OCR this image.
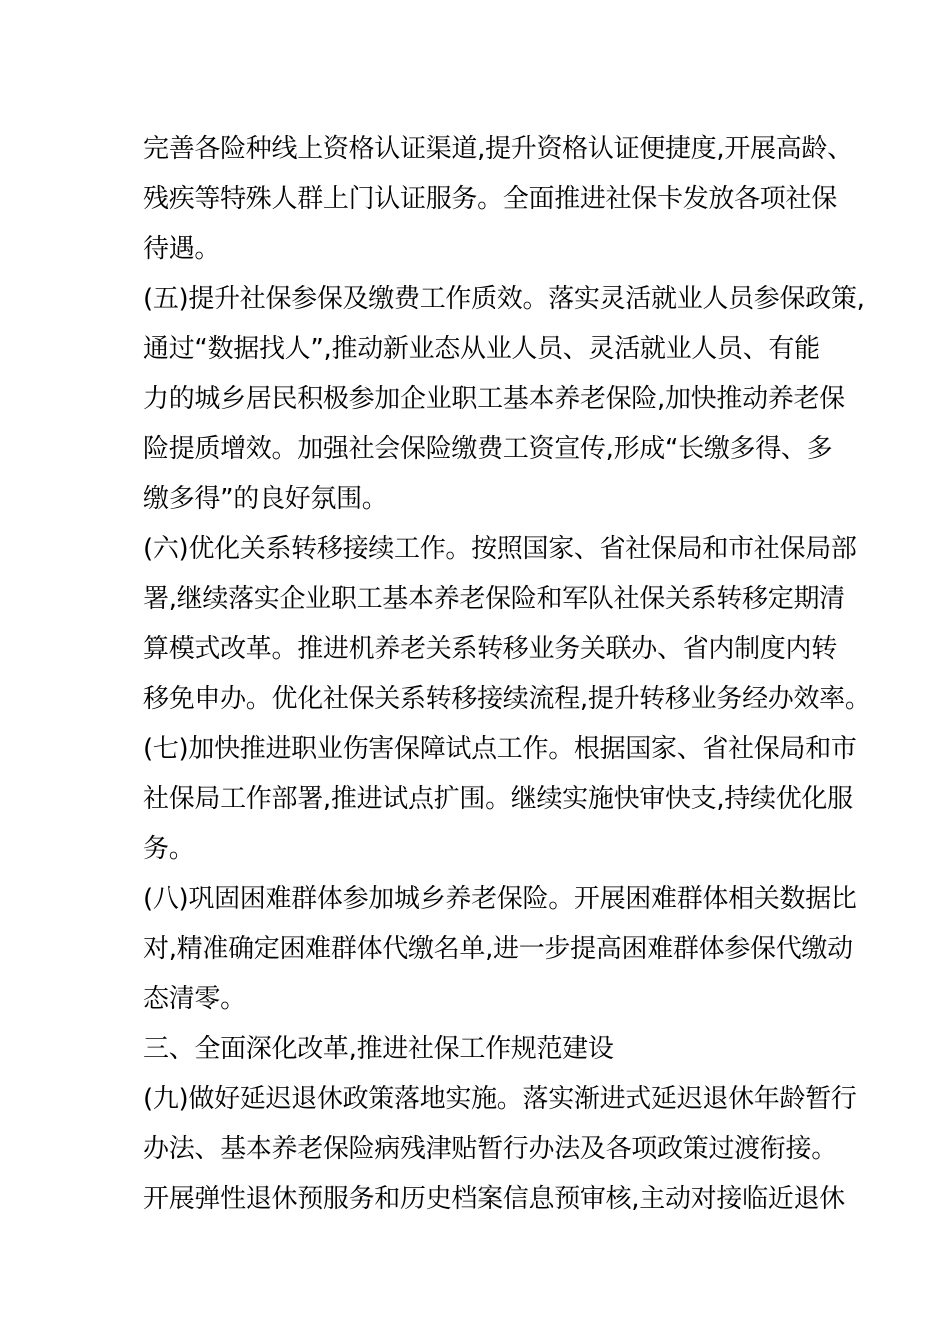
完善各险种线上资格认证渠道,提升资格认证便捷度,开展高龄、
残疾等特殊人群上门认证服务。全面推进社保卡发放各项社保
待遇。
(五)提升社保参保及缴费工作质效。落实灵活就业人员参保政策,
通过“数据找人”,推动新业态从业人员、灵活就业人员、有能
力的城乡居民积极参加企业职工基本养老保险,加快推动养老保
险提质增效。加强社会保险缴费工资宣传,形成“长缴多得、多
缴多得”的良好氛围。
(六)优化关系转移接续工作。按照国家、省社保局和市社保局部
署,继续落实企业职工基本养老保险和军队社保关系转移定期清
算模式改革。推进机养老关系转移业务关联办、省内制度内转
移免申办。优化社保关系转移接续流程,提升转移业务经办效率。
(七)加快推进职业伤害保障试点工作。根据国家、省社保局和市
社保局工作部署,推进试点扩围。继续实施快审快支,持续优化服
务。
(八)巩固困难群体参加城乡养老保险。开展困难群体相关数据比
对,精准确定困难群体代缴名单,进一步提高困难群体参保代缴动
态清零。
三、全面深化改革,推进社保工作规范建设
(九)做好延迟退休政策落地实施。落实渐进式延迟退休年龄暂行
办法、基本养老保险病残津贴暂行办法及各项政策过渡衔接。
开展弹性退休预服务和历史档案信息预审核,主动对接临近退休
